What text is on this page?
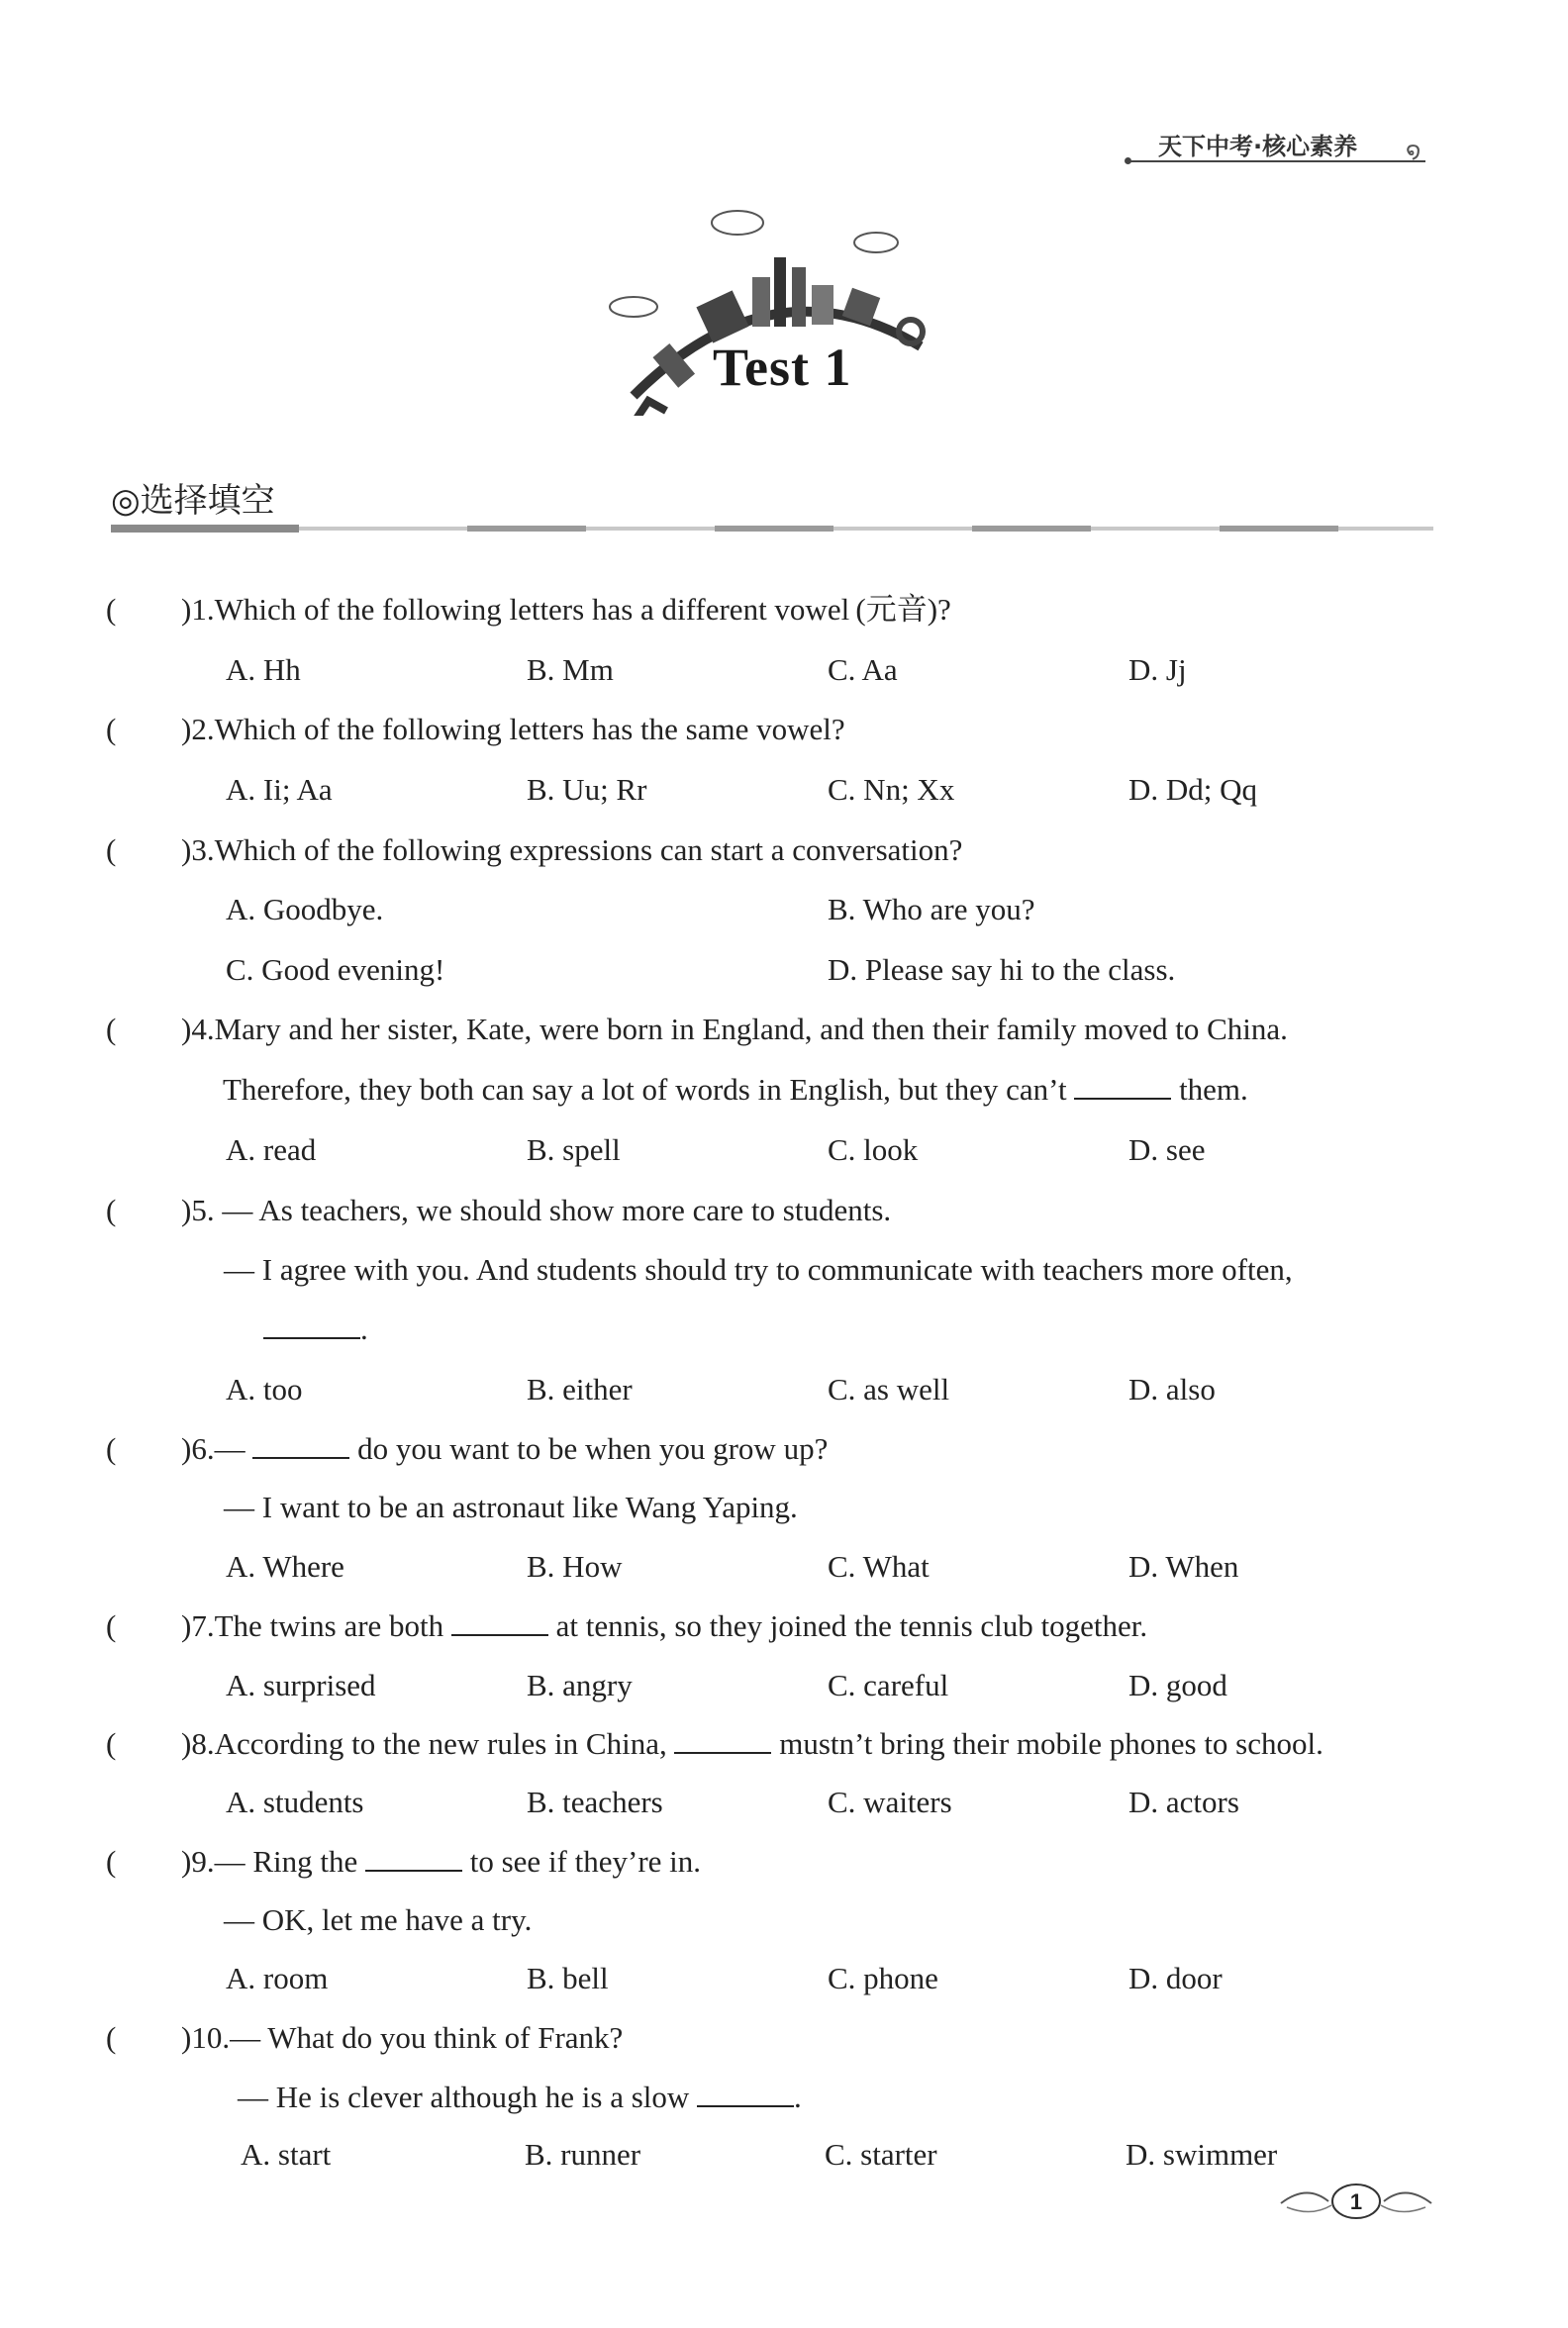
天下中考·核心素养 ໑
Test 1
◎选择填空
( )1.Which of the following letters has a different vowel (元音)?
A. Hh	B. Mm	C. Aa	D. Jj
( )2.Which of the following letters has the same vowel?
A. Ii; Aa	B. Uu; Rr	C. Nn; Xx	D. Dd; Qq
( )3.Which of the following expressions can start a conversation?
A. Goodbye.	B. Who are you?
C. Good evening!	D. Please say hi to the class.
( )4.Mary and her sister, Kate, were born in England, and then their family moved to China.
Therefore, they both can say a lot of words in English, but they can’t	them.
A. read	B. spell	C. look	D. see
( )5. — As teachers, we should show more care to students.
— I agree with you. And students should try to communicate with teachers more often,
.
A. too	B. either	C. as well	D. also
( )6.—	do you want to be when you grow up?
— I want to be an astronaut like Wang Yaping.
A. Where	B. How	C. What	D. When
( )7.The twins are both	at tennis, so they joined the tennis club together.
A. surprised	B. angry	C. careful	D. good
( )8.According to the new rules in China,	mustn’t bring their mobile phones to school.
A. students	B. teachers	C. waiters	D. actors
( )9.— Ring the	to see if they’re in.
— OK, let me have a try.
A. room	B. bell	C. phone	D. door
( )10.— What do you think of Frank?
— He is clever although he is a slow	.
A. start	B. runner	C. starter	D. swimmer
1
